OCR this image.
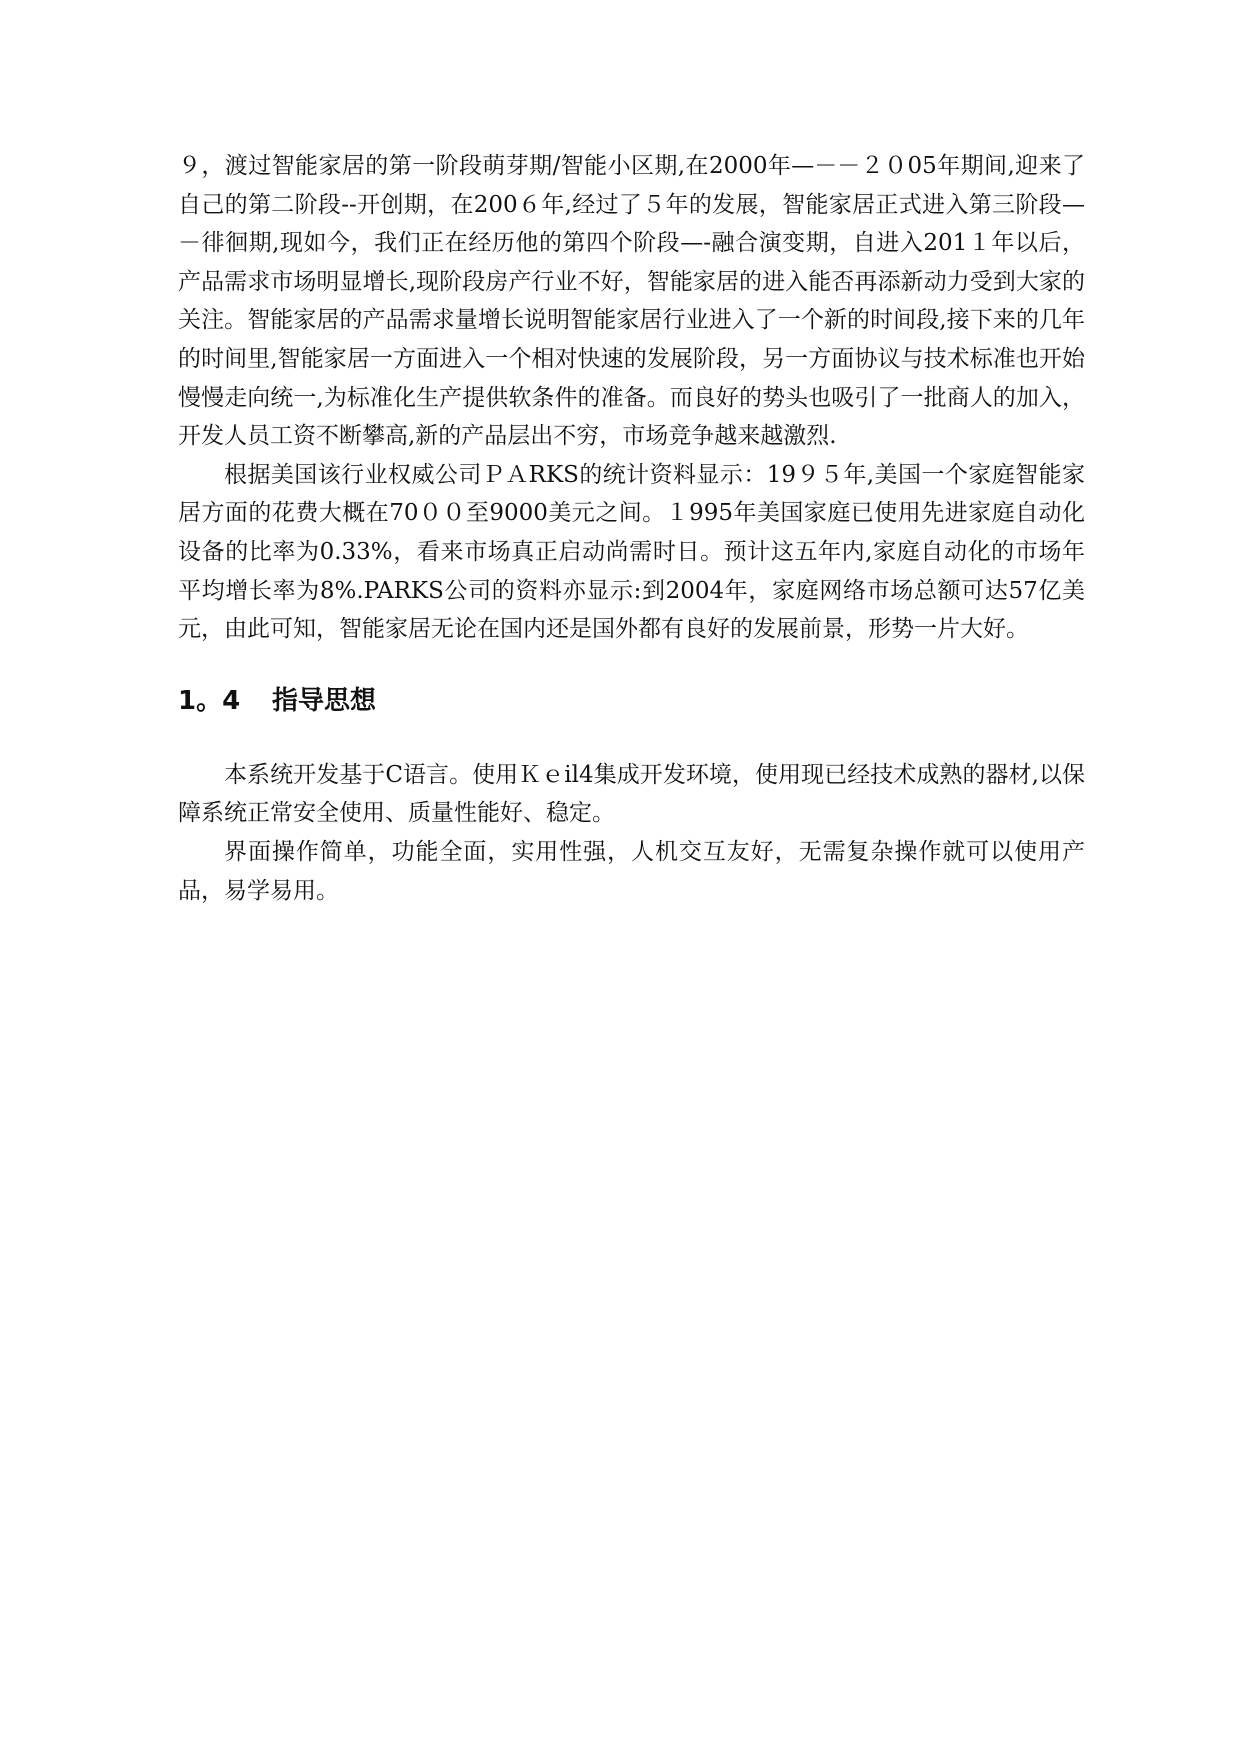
９，渡过智能家居的第一阶段萌芽期/智能小区期,在2000年—－－２０05年期间,迎来了自己的第二阶段--开创期，在200６年,经过了５年的发展，智能家居正式进入第三阶段—－徘徊期,现如今，我们正在经历他的第四个阶段—-融合演变期，自进入201１年以后，产品需求市场明显增长,现阶段房产行业不好，智能家居的进入能否再添新动力受到大家的关注。智能家居的产品需求量增长说明智能家居行业进入了一个新的时间段,接下来的几年的时间里,智能家居一方面进入一个相对快速的发展阶段，另一方面协议与技术标准也开始慢慢走向统一,为标准化生产提供软条件的准备。而良好的势头也吸引了一批商人的加入，开发人员工资不断攀高,新的产品层出不穷，市场竞争越来越激烈.

根据美国该行业权威公司ＰＡRKS的统计资料显示：19９５年,美国一个家庭智能家居方面的花费大概在70００至9000美元之间。１995年美国家庭已使用先进家庭自动化设备的比率为0.33%，看来市场真正启动尚需时日。预计这五年内,家庭自动化的市场年平均增长率为8%.PARKS公司的资料亦显示:到2004年，家庭网络市场总额可达57亿美元，由此可知，智能家居无论在国内还是国外都有良好的发展前景，形势一片大好。

1。4 指导思想

本系统开发基于C语言。使用Ｋｅil4集成开发环境，使用现已经技术成熟的器材,以保障系统正常安全使用、质量性能好、稳定。

界面操作简单，功能全面，实用性强，人机交互友好，无需复杂操作就可以使用产品，易学易用。
